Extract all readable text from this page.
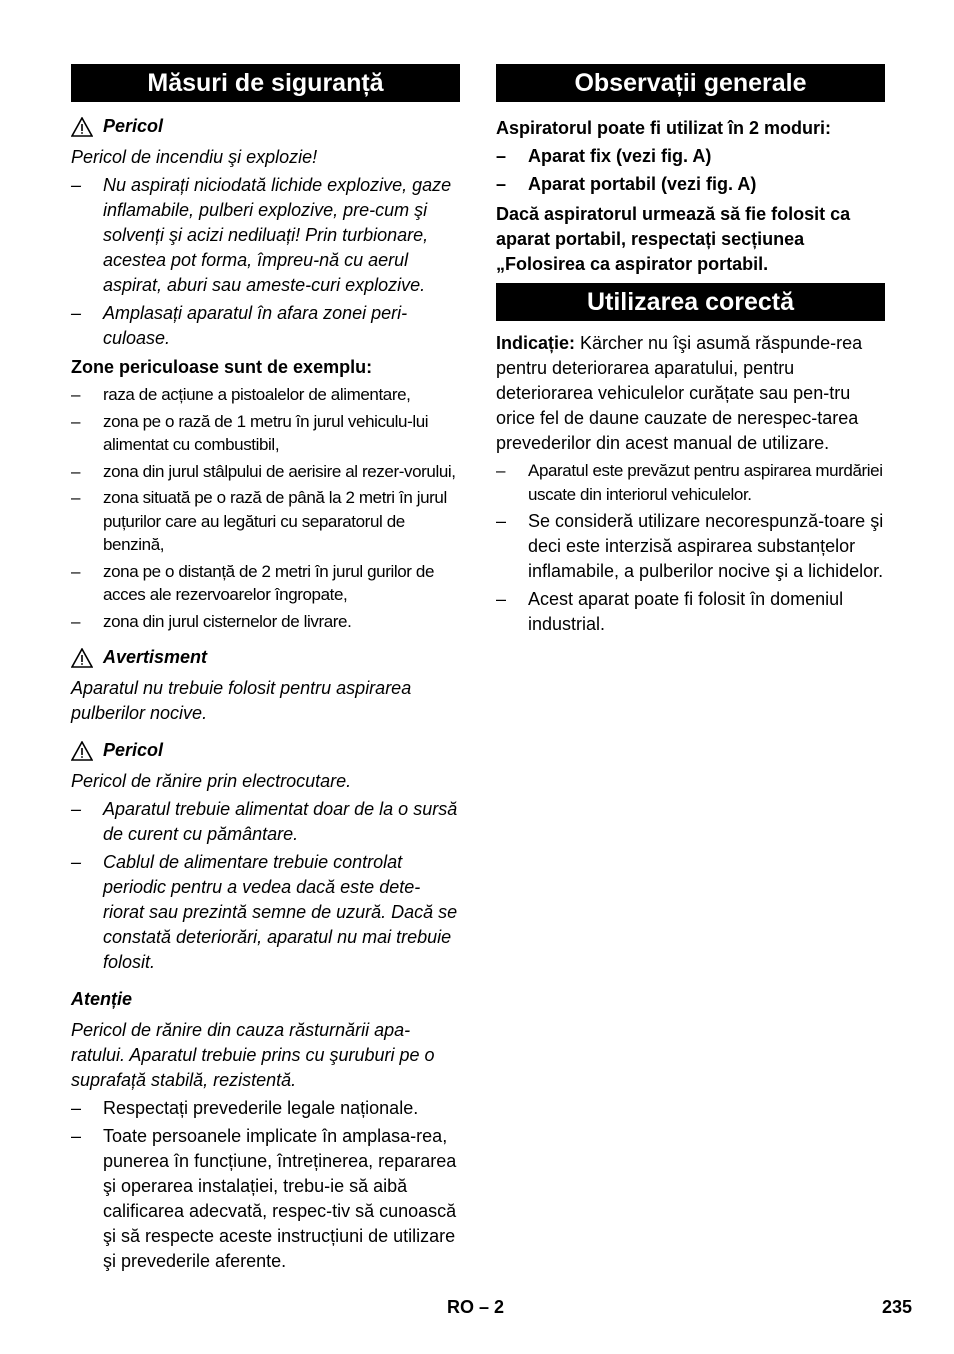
Măsuri de siguranță
Pericol

Pericol de incendiu şi explozie!

– Nu aspirați niciodată lichide explozive, gaze inflamabile, pulberi explozive, pre-cum şi solvenți şi acizi nediluați! Prin turbionare, acestea pot forma, împreu-nă cu aerul aspirat, aburi sau ameste-curi explozive.
– Amplasați aparatul în afara zonei peri-culoase.
Zone periculoase sunt de exemplu:
– raza de acțiune a pistoalelor de alimentare,
– zona pe o rază de 1 metru în jurul vehiculu-lui alimentat cu combustibil,
– zona din jurul stâlpului de aerisire al rezer-vorului,
– zona situată pe o rază de până la 2 metri în jurul puțurilor care au legături cu separatorul de benzină,
– zona pe o distanță de 2 metri în jurul gurilor de acces ale rezervoarelor îngropate,
– zona din jurul cisternelor de livrare.
Avertisment

Aparatul nu trebuie folosit pentru aspirarea pulberilor nocive.

Pericol

Pericol de rănire prin electrocutare.

– Aparatul trebuie alimentat doar de la o sursă de curent cu pământare.
– Cablul de alimentare trebuie controlat periodic pentru a vedea dacă este dete-riorat sau prezintă semne de uzură. Dacă se constată deteriorări, aparatul nu mai trebuie folosit.
Atenție

Pericol de rănire din cauza răsturnării apa-ratului. Aparatul trebuie prins cu şuruburi pe o suprafață stabilă, rezistentă.

– Respectați prevederile legale naționale.
– Toate persoanele implicate în amplasa-rea, punerea în funcțiune, întreținerea, repararea şi operarea instalației, trebu-ie să aibă calificarea adecvată, respec-tiv să cunoască şi să respecte aceste instrucțiuni de utilizare şi prevederile aferente.
Observații generale
Aspiratorul poate fi utilizat în 2 moduri:
– Aparat fix (vezi fig. A)
– Aparat portabil (vezi fig. A)

Dacă aspiratorul urmează să fie folosit ca aparat portabil, respectați secțiunea „Folosirea ca aspirator portabil.

Utilizarea corectă

Indicație: Kärcher nu îşi asumă răspunde-rea pentru deteriorarea aparatului, pentru deteriorarea vehiculelor curățate sau pen-tru orice fel de daune cauzate de nerespec-tarea prevederilor din acest manual de utilizare.

– Aparatul este prevăzut pentru aspirarea murdăriei uscate din interiorul vehiculelor.
– Se consideră utilizare necorespunză-toare şi deci este interzisă aspirarea substanțelor inflamabile, a pulberilor nocive şi a lichidelor.
– Acest aparat poate fi folosit în domeniul industrial.
RO – 2	235
